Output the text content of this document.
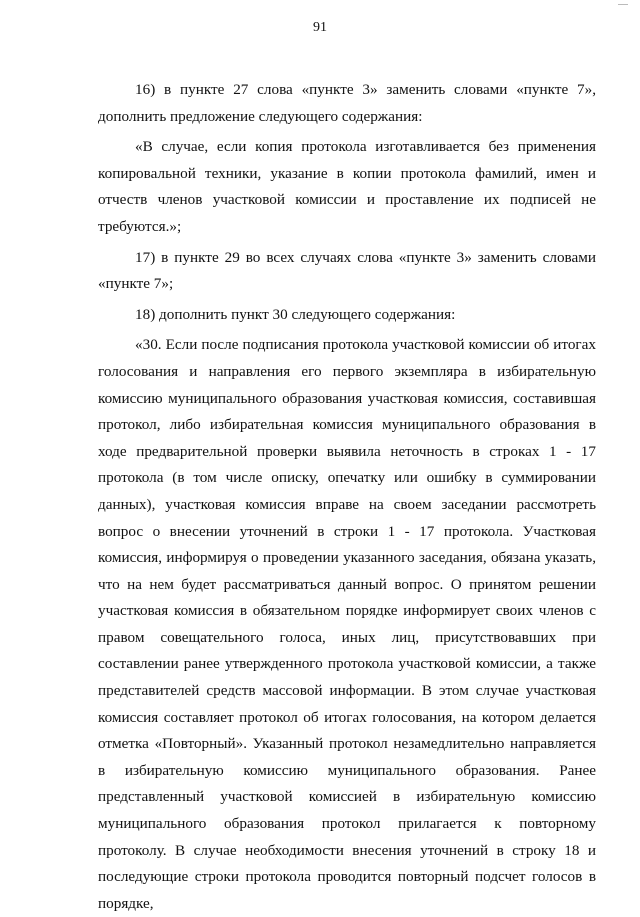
91

16) в пункте 27 слова «пункте 3» заменить словами «пункте 7», дополнить предложение следующего содержания:

«В случае, если копия протокола изготавливается без применения копировальной техники, указание в копии протокола фамилий, имен и отчеств членов участковой комиссии и проставление их подписей не требуются.»;

17) в пункте 29 во всех случаях слова «пункте 3» заменить словами «пункте 7»;

18) дополнить пункт 30 следующего содержания:

«30. Если после подписания протокола участковой комиссии об итогах голосования и направления его первого экземпляра в избирательную комиссию муниципального образования участковая комиссия, составившая протокол, либо избирательная комиссия муниципального образования в ходе предварительной проверки выявила неточность в строках 1 - 17 протокола (в том числе описку, опечатку или ошибку в суммировании данных), участковая комиссия вправе на своем заседании рассмотреть вопрос о внесении уточнений в строки 1 - 17 протокола. Участковая комиссия, информируя о проведении указанного заседания, обязана указать, что на нем будет рассматриваться данный вопрос. О принятом решении участковая комиссия в обязательном порядке информирует своих членов с правом совещательного голоса, иных лиц, присутствовавших при составлении ранее утвержденного протокола участковой комиссии, а также представителей средств массовой информации. В этом случае участковая комиссия составляет протокол об итогах голосования, на котором делается отметка «Повторный». Указанный протокол незамедлительно направляется в избирательную комиссию муниципального образования. Ранее представленный участковой комиссией в избирательную комиссию муниципального образования протокол прилагается к повторному протоколу. В случае необходимости внесения уточнений в строку 18 и последующие строки протокола проводится повторный подсчет голосов в порядке,
